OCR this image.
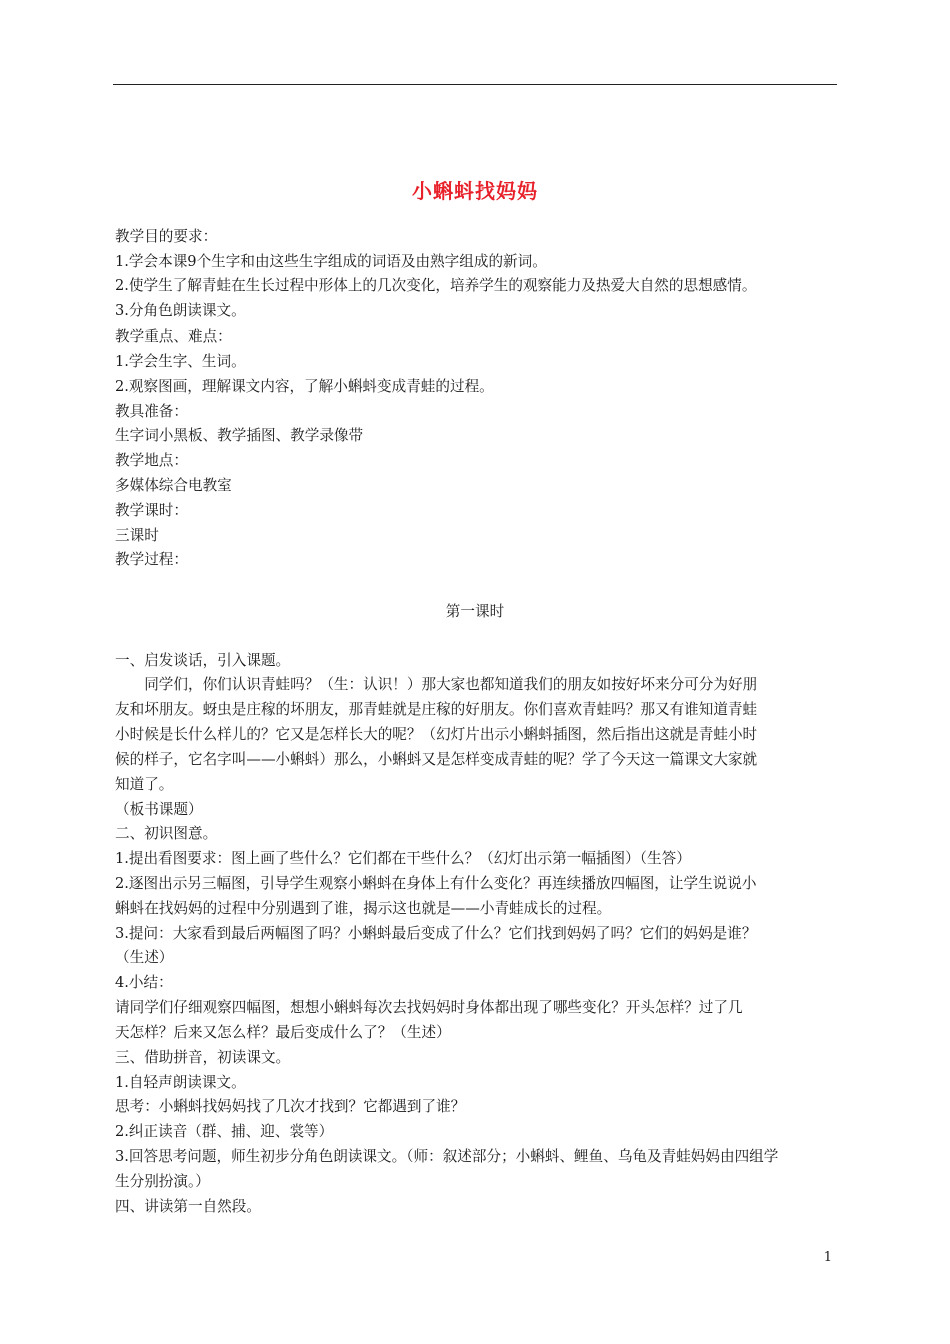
小蝌蚪找妈妈
教学目的要求：
1.学会本课9个生字和由这些生字组成的词语及由熟字组成的新词。
2.使学生了解青蛙在生长过程中形体上的几次变化，培养学生的观察能力及热爱大自然的思想感情。
3.分角色朗读课文。
教学重点、难点：
1.学会生字、生词。
2.观察图画，理解课文内容，了解小蝌蚪变成青蛙的过程。
教具准备：
生字词小黑板、教学插图、教学录像带
教学地点：
多媒体综合电教室
教学课时：
三课时
教学过程：
第一课时
一、启发谈话，引入课题。
　　同学们，你们认识青蛙吗？（生：认识！）那大家也都知道我们的朋友如按好坏来分可分为好朋
友和坏朋友。蚜虫是庄稼的坏朋友，那青蛙就是庄稼的好朋友。你们喜欢青蛙吗？那又有谁知道青蛙
小时候是长什么样儿的？它又是怎样长大的呢？（幻灯片出示小蝌蚪插图，然后指出这就是青蛙小时
候的样子，它名字叫——小蝌蚪）那么，小蝌蚪又是怎样变成青蛙的呢？学了今天这一篇课文大家就
知道了。
（板书课题）
二、初识图意。
1.提出看图要求：图上画了些什么？它们都在干些什么？（幻灯出示第一幅插图）（生答）
2.逐图出示另三幅图，引导学生观察小蝌蚪在身体上有什么变化？再连续播放四幅图，让学生说说小
蝌蚪在找妈妈的过程中分别遇到了谁，揭示这也就是——小青蛙成长的过程。
3.提问：大家看到最后两幅图了吗？小蝌蚪最后变成了什么？它们找到妈妈了吗？它们的妈妈是谁？
（生述）
4.小结：
请同学们仔细观察四幅图，想想小蝌蚪每次去找妈妈时身体都出现了哪些变化？开头怎样？过了几
天怎样？后来又怎么样？最后变成什么了？（生述）
三、借助拼音，初读课文。
1.自轻声朗读课文。
思考：小蝌蚪找妈妈找了几次才找到？它都遇到了谁？
2.纠正读音（群、捕、迎、裳等）
3.回答思考问题，师生初步分角色朗读课文。（师：叙述部分；小蝌蚪、鲤鱼、乌龟及青蛙妈妈由四组学
生分别扮演。）
四、讲读第一自然段。
1
